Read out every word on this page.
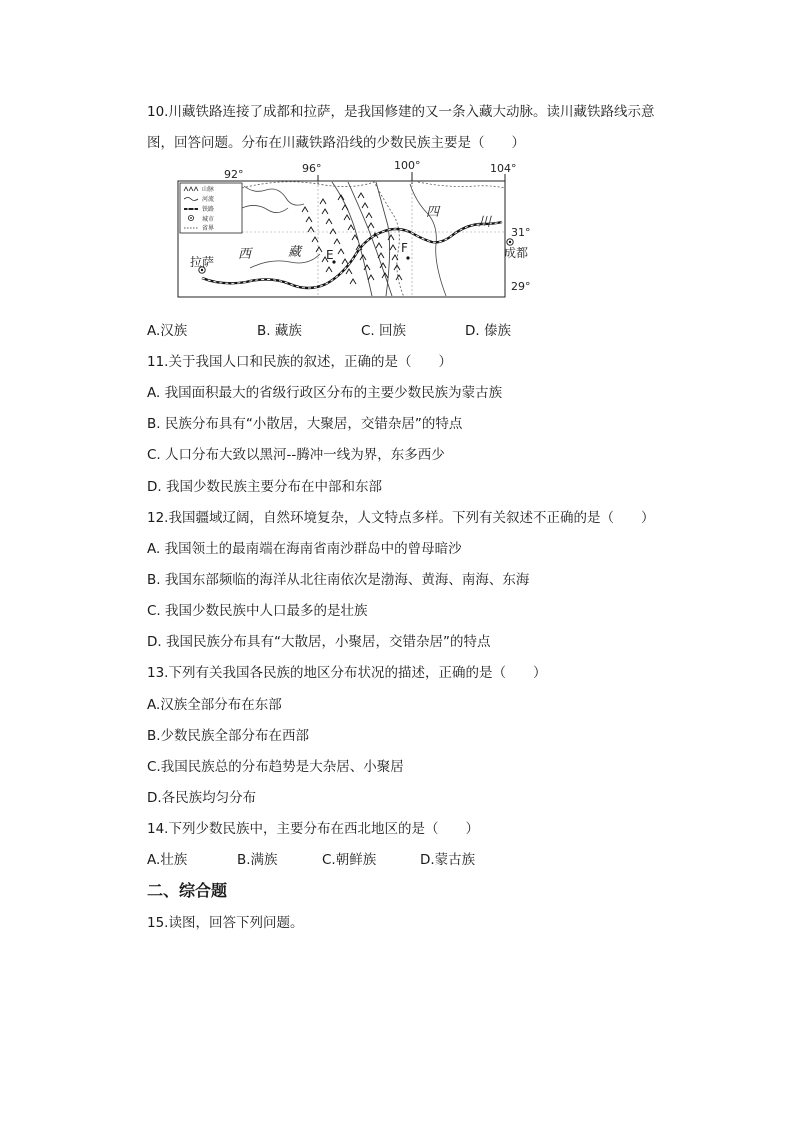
10.川藏铁路连接了成都和拉萨，是我国修建的又一条入藏大动脉。读川藏铁路线示意
图，回答问题。分布在川藏铁路沿线的少数民族主要是（　　）
92°	96°	100°	104°
31°
29°
山脉
河流
铁路
城市
省界
拉萨
成都
E	F
西	藏
四
川
A.汉族	B. 藏族	C. 回族	D. 傣族
11.关于我国人口和民族的叙述，正确的是（　　）
A. 我国面积最大的省级行政区分布的主要少数民族为蒙古族
B. 民族分布具有“小散居，大聚居，交错杂居”的特点
C. 人口分布大致以黑河--腾冲一线为界，东多西少
D. 我国少数民族主要分布在中部和东部
12.我国疆域辽阔，自然环境复杂，人文特点多样。下列有关叙述不正确的是（　　）
A. 我国领土的最南端在海南省南沙群岛中的曾母暗沙
B. 我国东部频临的海洋从北往南依次是渤海、黄海、南海、东海
C. 我国少数民族中人口最多的是壮族
D. 我国民族分布具有“大散居，小聚居，交错杂居”的特点
13.下列有关我国各民族的地区分布状况的描述，正确的是（　　）
A.汉族全部分布在东部
B.少数民族全部分布在西部
C.我国民族总的分布趋势是大杂居、小聚居
D.各民族均匀分布
14.下列少数民族中，主要分布在西北地区的是（　　）
A.壮族	B.满族	C.朝鲜族	D.蒙古族
二、综合题
15.读图，回答下列问题。
